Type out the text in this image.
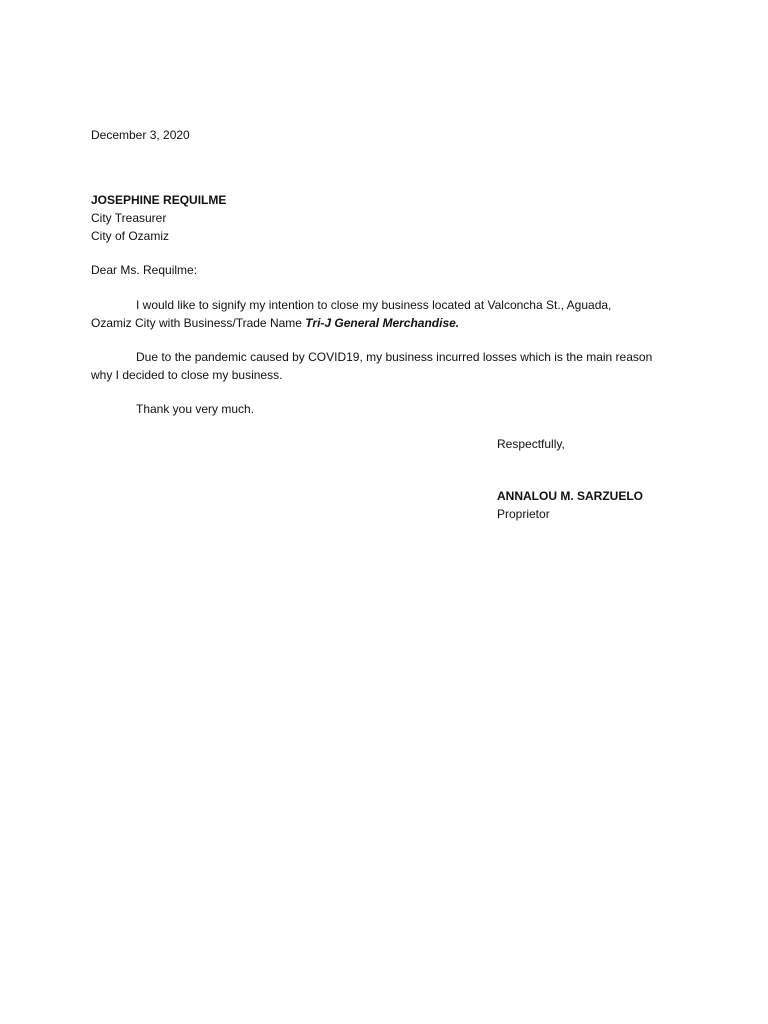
December 3, 2020
JOSEPHINE REQUILME
City Treasurer
City of Ozamiz
Dear Ms. Requilme:
I would like to signify my intention to close my business located at Valconcha St., Aguada,
Ozamiz City with Business/Trade Name Tri-J General Merchandise.
Due to the pandemic caused by COVID19, my business incurred losses which is the main reason
why I decided to close my business.
Thank you very much.
Respectfully,
ANNALOU M. SARZUELO
Proprietor
